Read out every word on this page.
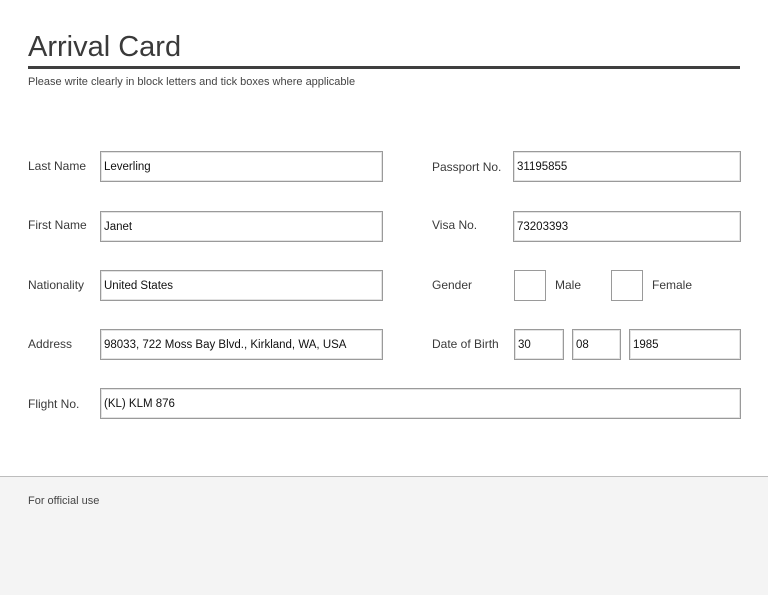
Arrival Card
Please write clearly in block letters and tick boxes where applicable
Last Name
Leverling
First Name
Janet
Nationality
United States
Address
98033, 722 Moss Bay Blvd., Kirkland, WA, USA
Flight No.
(KL) KLM 876
Passport No.
31195855
Visa No.
73203393
Gender	Male	Female
Date of Birth
30
08
1985
For official use
